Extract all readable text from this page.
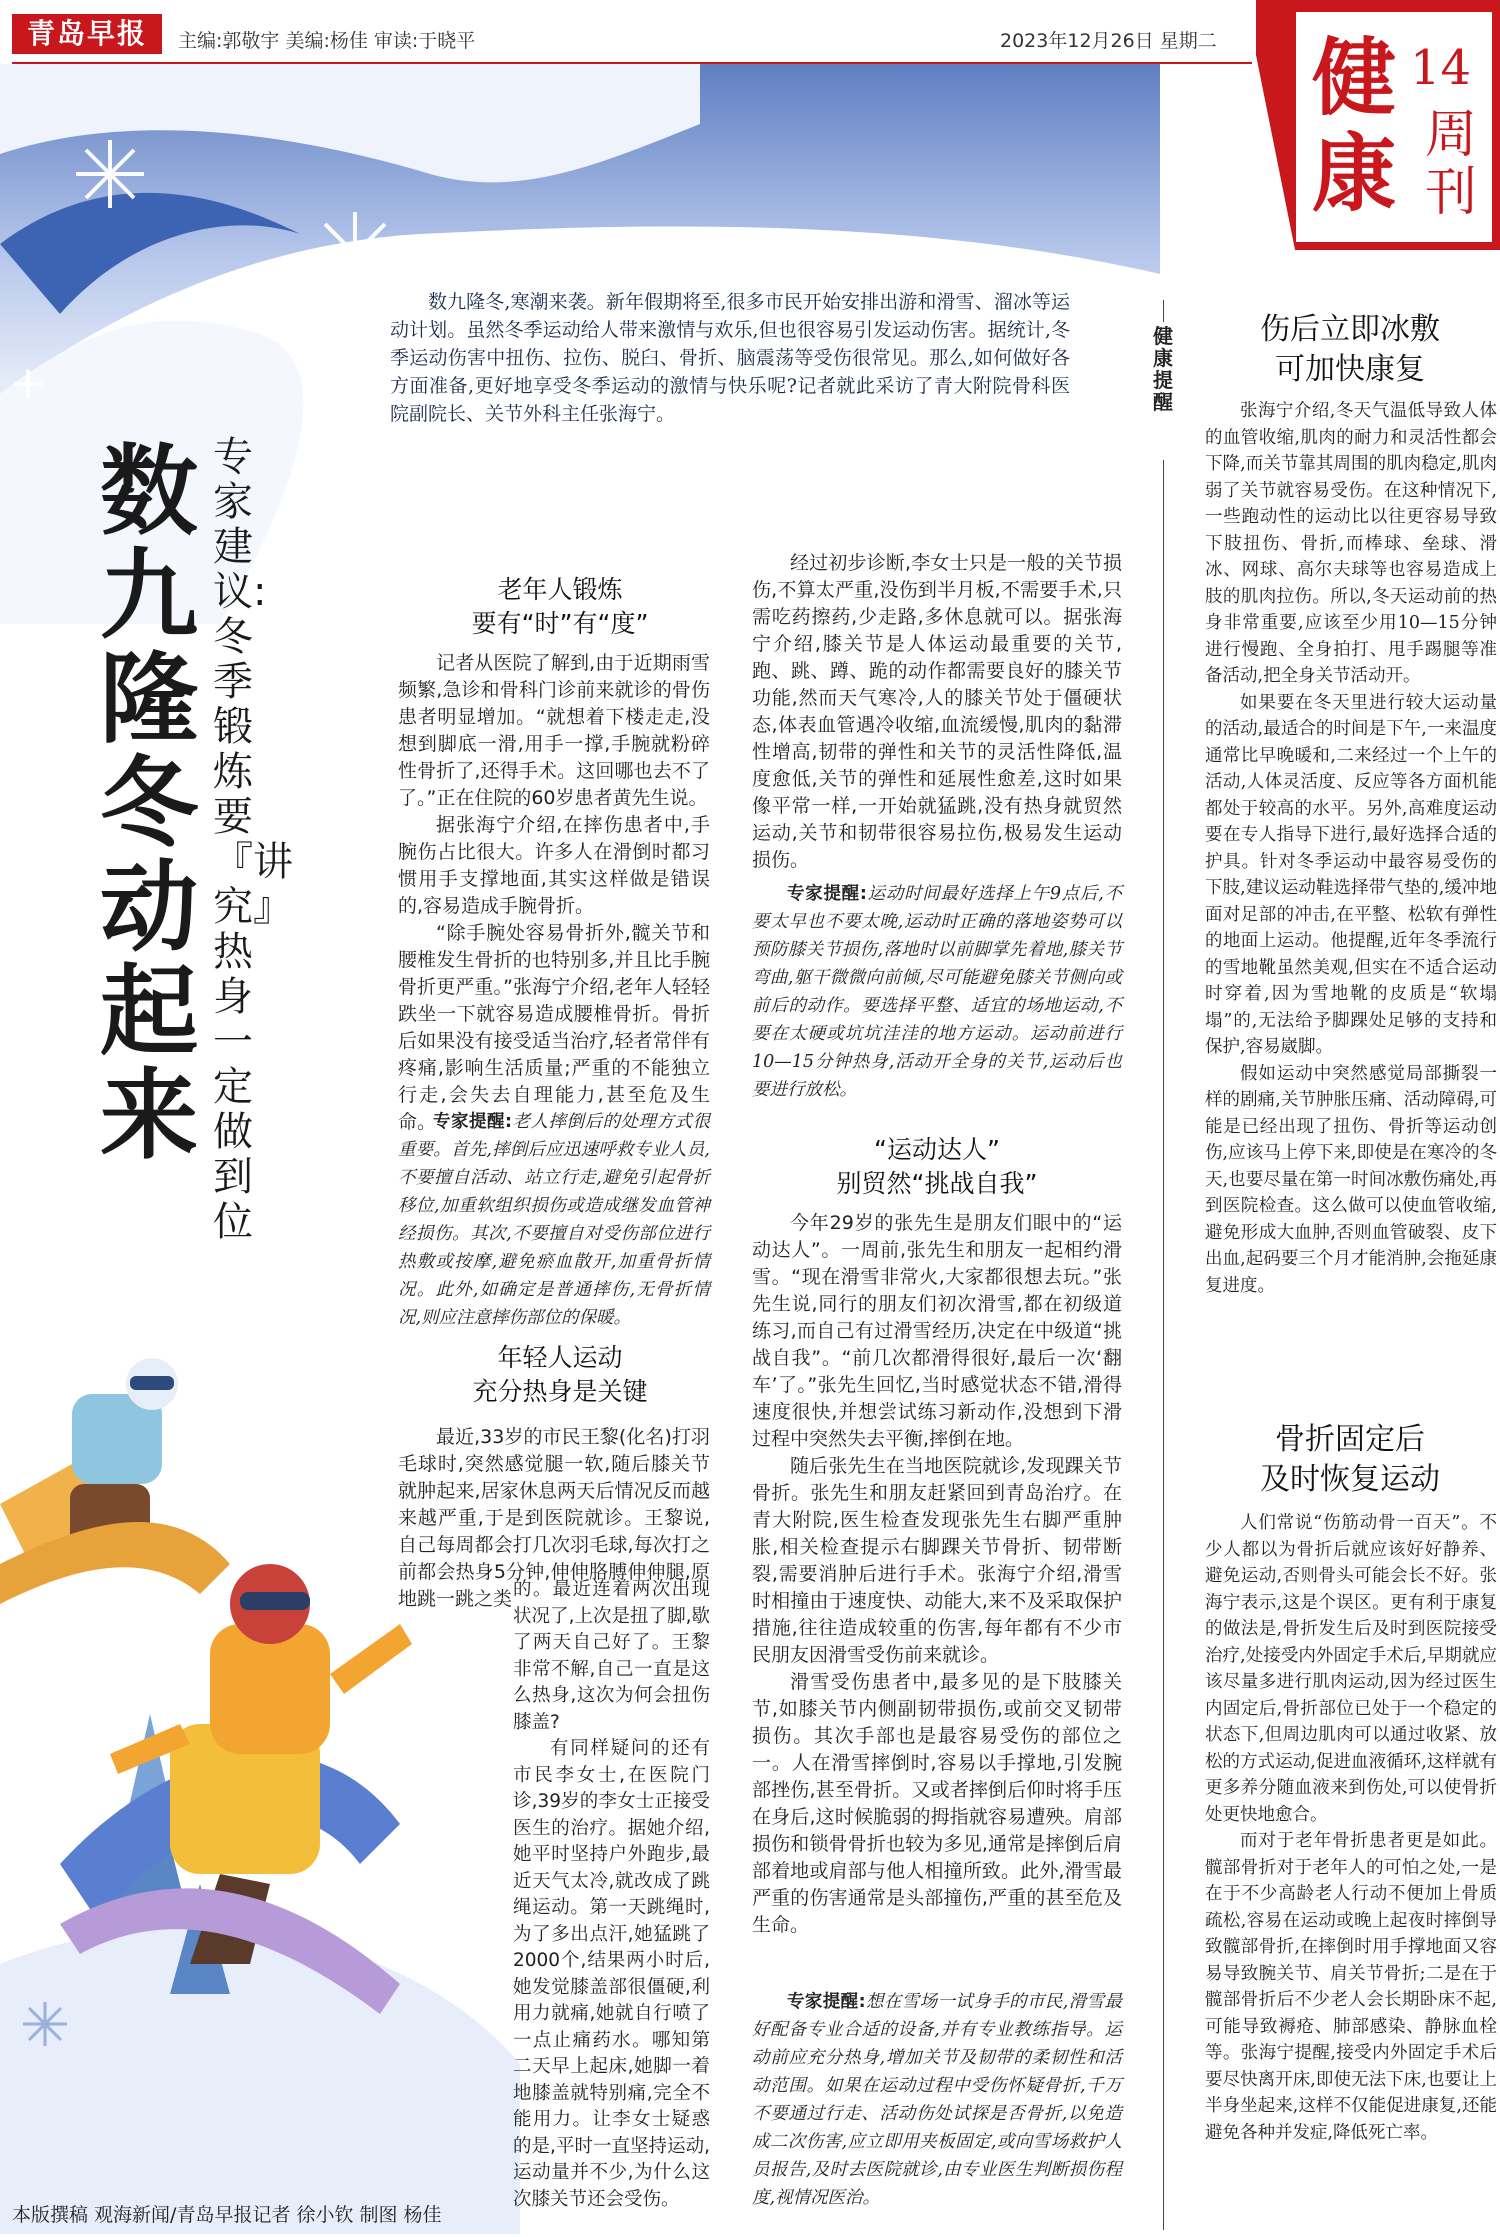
青岛早报	主编:郭敬宇 美编:杨佳 审读:于晓平	2023年12月26日 星期二 健康
14
周刊
数九隆冬 动起来
专家建议:冬季锻炼要『讲究』 热身一定做到位
数九隆冬,寒潮来袭。新年假期将至,很多市民开始安排出游和滑雪、溜冰等运动计划。虽然冬季运动给人带来激情与欢乐,但也很容易引发运动伤害。据统计,冬季运动伤害中扭伤、拉伤、脱臼、骨折、脑震荡等受伤很常见。那么,如何做好各方面准备,更好地享受冬季运动的激情与快乐呢?记者就此采访了青大附院骨科医院副院长、关节外科主任张海宁。
老年人锻炼
要有“时”有“度”

记者从医院了解到,由于近期雨雪频繁,急诊和骨科门诊前来就诊的骨伤患者明显增加。“就想着下楼走走,没想到脚底一滑,用手一撑,手腕就粉碎性骨折了,还得手术。这回哪也去不了了。”正在住院的60岁患者黄先生说。

据张海宁介绍,在摔伤患者中,手腕伤占比很大。许多人在滑倒时都习惯用手支撑地面,其实这样做是错误的,容易造成手腕骨折。

“除手腕处容易骨折外,髋关节和腰椎发生骨折的也特别多,并且比手腕骨折更严重。”张海宁介绍,老年人轻轻跌坐一下就容易造成腰椎骨折。骨折后如果没有接受适当治疗,轻者常伴有疼痛,影响生活质量;严重的不能独立行走,会失去自理能力,甚至危及生命。

专家提醒:老人摔倒后的处理方式很重要。首先,摔倒后应迅速呼救专业人员,不要擅自活动、站立行走,避免引起骨折移位,加重软组织损伤或造成继发血管神经损伤。其次,不要擅自对受伤部位进行热敷或按摩,避免瘀血散开,加重骨折情况。此外,如确定是普通摔伤,无骨折情况,则应注意摔伤部位的保暖。

年轻人运动
充分热身是关键

最近,33岁的市民王黎(化名)打羽毛球时,突然感觉腿一软,随后膝关节就肿起来,居家休息两天后情况反而越来越严重,于是到医院就诊。王黎说,自己每周都会打几次羽毛球,每次打之前都会热身5分钟,伸伸胳膊伸伸腿,原地跳一跳之类 的。最近连着两次出现状况了,上次是扭了脚,歇了两天自己好了。王黎非常不解,自己一直是这么热身,这次为何会扭伤膝盖?

有同样疑问的还有市民李女士,在医院门诊,39岁的李女士正接受医生的治疗。据她介绍,她平时坚持户外跑步,最近天气太冷,就改成了跳绳运动。第一天跳绳时,为了多出点汗,她猛跳了2000个,结果两小时后,她发觉膝盖部很僵硬,利用力就痛,她就自行喷了一点止痛药水。哪知第二天早上起床,她脚一着地膝盖就特别痛,完全不能用力。让李女士疑惑的是,平时一直坚持运动,运动量并不少,为什么这次膝关节还会受伤。

经过初步诊断,李女士只是一般的关节损伤,不算太严重,没伤到半月板,不需要手术,只需吃药擦药,少走路,多休息就可以。据张海宁介绍,膝关节是人体运动最重要的关节,跑、跳、蹲、跪的动作都需要良好的膝关节功能,然而天气寒冷,人的膝关节处于僵硬状态,体表血管遇冷收缩,血流缓慢,肌肉的黏滞性增高,韧带的弹性和关节的灵活性降低,温度愈低,关节的弹性和延展性愈差,这时如果像平常一样,一开始就猛跳,没有热身就贸然运动,关节和韧带很容易拉伤,极易发生运动损伤。

专家提醒:运动时间最好选择上午9点后,不要太早也不要太晚,运动时正确的落地姿势可以预防膝关节损伤,落地时以前脚掌先着地,膝关节弯曲,躯干微微向前倾,尽可能避免膝关节侧向或前后的动作。要选择平整、适宜的场地运动,不要在太硬或坑坑洼洼的地方运动。运动前进行10—15分钟热身,活动开全身的关节,运动后也要进行放松。

“运动达人”
别贸然“挑战自我”

今年29岁的张先生是朋友们眼中的“运动达人”。一周前,张先生和朋友一起相约滑雪。“现在滑雪非常火,大家都很想去玩。”张先生说,同行的朋友们初次滑雪,都在初级道练习,而自己有过滑雪经历,决定在中级道“挑战自我”。“前几次都滑得很好,最后一次‘翻车’了。”张先生回忆,当时感觉状态不错,滑得速度很快,并想尝试练习新动作,没想到下滑过程中突然失去平衡,摔倒在地。

随后张先生在当地医院就诊,发现踝关节骨折。张先生和朋友赶紧回到青岛治疗。在青大附院,医生检查发现张先生右脚严重肿胀,相关检查提示右脚踝关节骨折、韧带断裂,需要消肿后进行手术。张海宁介绍,滑雪时相撞由于速度快、动能大,来不及采取保护措施,往往造成较重的伤害,每年都有不少市民朋友因滑雪受伤前来就诊。

滑雪受伤患者中,最多见的是下肢膝关节,如膝关节内侧副韧带损伤,或前交叉韧带损伤。其次手部也是最容易受伤的部位之一。人在滑雪摔倒时,容易以手撑地,引发腕部挫伤,甚至骨折。又或者摔倒后仰时将手压在身后,这时候脆弱的拇指就容易遭殃。肩部损伤和锁骨骨折也较为多见,通常是摔倒后肩部着地或肩部与他人相撞所致。此外,滑雪最严重的伤害通常是头部撞伤,严重的甚至危及生命。

专家提醒:想在雪场一试身手的市民,滑雪最好配备专业合适的设备,并有专业教练指导。运动前应充分热身,增加关节及韧带的柔韧性和活动范围。如果在运动过程中受伤怀疑骨折,千万不要通过行走、活动伤处试探是否骨折,以免造成二次伤害,应立即用夹板固定,或向雪场救护人员报告,及时去医院就诊,由专业医生判断损伤程度,视情况医治。

健康提醒
伤后立即冰敷
可加快康复

张海宁介绍,冬天气温低导致人体的血管收缩,肌肉的耐力和灵活性都会下降,而关节靠其周围的肌肉稳定,肌肉弱了关节就容易受伤。在这种情况下,一些跑动性的运动比以往更容易导致下肢扭伤、骨折,而棒球、垒球、滑冰、网球、高尔夫球等也容易造成上肢的肌肉拉伤。所以,冬天运动前的热身非常重要,应该至少用10—15分钟进行慢跑、全身拍打、甩手踢腿等准备活动,把全身关节活动开。

如果要在冬天里进行较大运动量的活动,最适合的时间是下午,一来温度通常比早晚暖和,二来经过一个上午的活动,人体灵活度、反应等各方面机能都处于较高的水平。另外,高难度运动要在专人指导下进行,最好选择合适的护具。针对冬季运动中最容易受伤的下肢,建议运动鞋选择带气垫的,缓冲地面对足部的冲击,在平整、松软有弹性的地面上运动。他提醒,近年冬季流行的雪地靴虽然美观,但实在不适合运动时穿着,因为雪地靴的皮质是“软塌塌”的,无法给予脚踝处足够的支持和保护,容易崴脚。

假如运动中突然感觉局部撕裂一样的剧痛,关节肿胀压痛、活动障碍,可能是已经出现了扭伤、骨折等运动创伤,应该马上停下来,即使是在寒冷的冬天,也要尽量在第一时间冰敷伤痛处,再到医院检查。这么做可以使血管收缩,避免形成大血肿,否则血管破裂、皮下出血,起码要三个月才能消肿,会拖延康复进度。

骨折固定后
及时恢复运动

人们常说“伤筋动骨一百天”。不少人都以为骨折后就应该好好静养、避免运动,否则骨头可能会长不好。张海宁表示,这是个误区。更有利于康复的做法是,骨折发生后及时到医院接受治疗,处接受内外固定手术后,早期就应该尽量多进行肌肉运动,因为经过医生内固定后,骨折部位已处于一个稳定的状态下,但周边肌肉可以通过收紧、放松的方式运动,促进血液循环,这样就有更多养分随血液来到伤处,可以使骨折处更快地愈合。

而对于老年骨折患者更是如此。髋部骨折对于老年人的可怕之处,一是在于不少高龄老人行动不便加上骨质疏松,容易在运动或晚上起夜时摔倒导致髋部骨折,在摔倒时用手撑地面又容易导致腕关节、肩关节骨折;二是在于髋部骨折后不少老人会长期卧床不起,可能导致褥疮、肺部感染、静脉血栓等。张海宁提醒,接受内外固定手术后要尽快离开床,即使无法下床,也要让上半身坐起来,这样不仅能促进康复,还能避免各种并发症,降低死亡率。

本版撰稿 观海新闻/青岛早报记者 徐小钦 制图 杨佳
